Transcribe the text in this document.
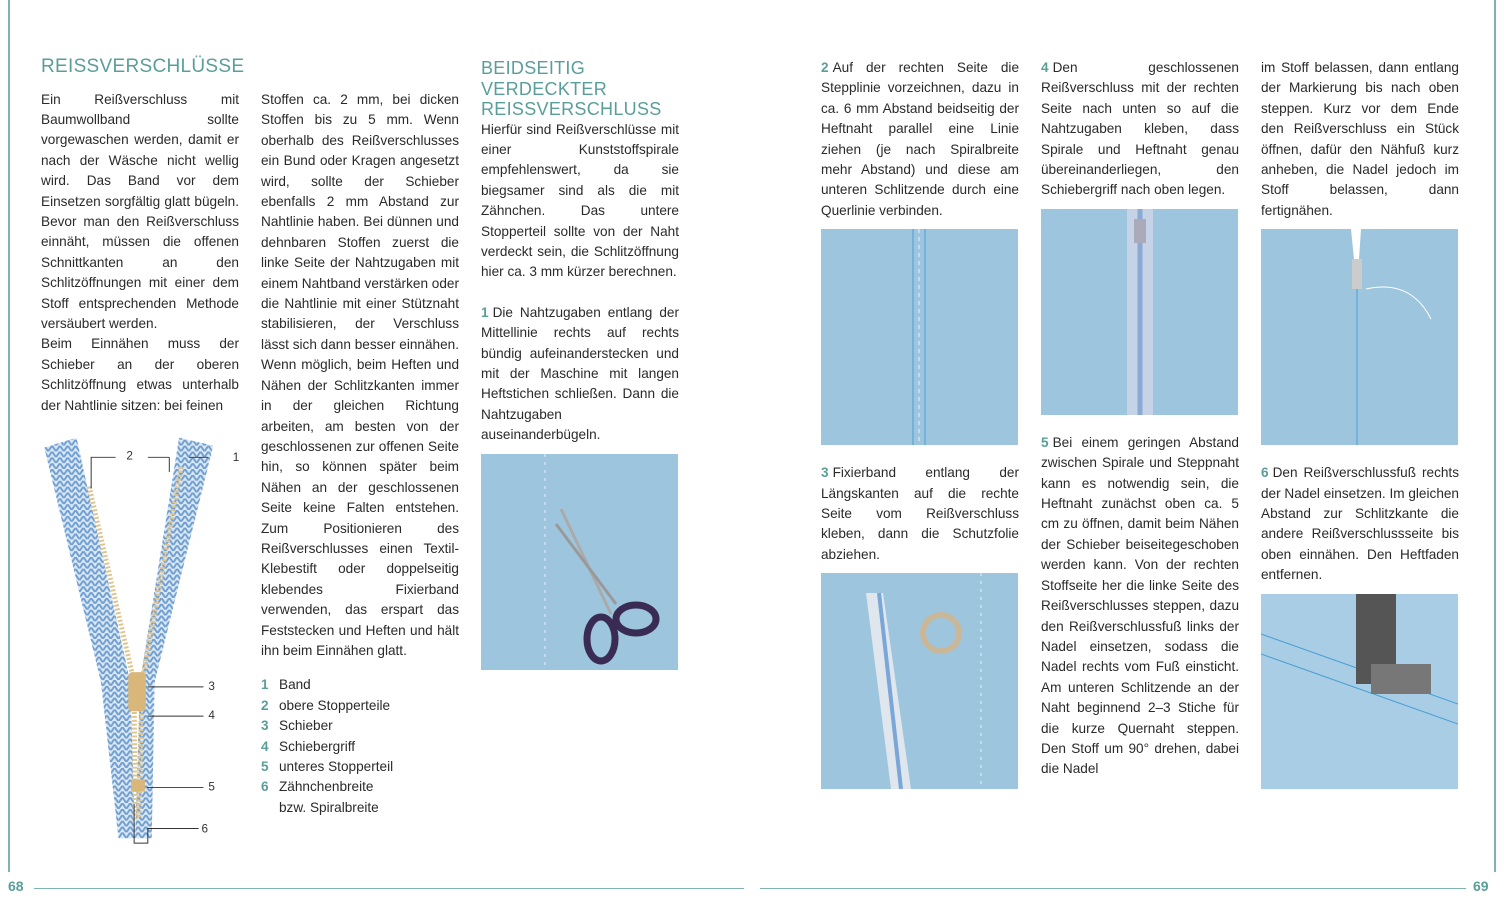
68	69
REISSVERSCHLÜSSE

Ein Reißverschluss mit Baumwollband sollte vorgewaschen werden, damit er nach der Wäsche nicht wellig wird. Das Band vor dem Einsetzen sorgfältig glatt bügeln. Bevor man den Reißverschluss einnäht, müssen die offenen Schnittkanten an den Schlitzöffnungen mit einer dem Stoff entsprechenden Methode versäubert werden.

Beim Einnähen muss der Schieber an der oberen Schlitzöffnung etwas unterhalb der Nahtlinie sitzen: bei feinen

1
2
3
4
5
6

Stoffen ca. 2 mm, bei dicken Stoffen bis zu 5 mm. Wenn oberhalb des Reißverschlusses ein Bund oder Kragen angesetzt wird, sollte der Schieber ebenfalls 2 mm Abstand zur Nahtlinie haben. Bei dünnen und dehnbaren Stoffen zuerst die linke Seite der Nahtzugaben mit einem Nahtband verstärken oder die Nahtlinie mit einer Stütznaht stabilisieren, der Verschluss lässt sich dann besser einnähen.

Wenn möglich, beim Heften und Nähen der Schlitzkanten immer in der gleichen Richtung arbeiten, am besten von der geschlossenen zur offenen Seite hin, so können später beim Nähen an der geschlossenen Seite keine Falten entstehen. Zum Positionieren des Reißverschlusses einen Textil-Klebestift oder doppelseitig klebendes Fixierband verwenden, das erspart das Feststecken und Heften und hält ihn beim Einnähen glatt.

1 Band
2 obere Stopperteile
3 Schieber
4 Schiebergriff
5 unteres Stopperteil
6 Zähnchenbreite
bzw. Spiralbreite
BEIDSEITIG VERDECKTER REISSVERSCHLUSS

Hierfür sind Reißverschlüsse mit einer Kunststoffspirale empfehlenswert, da sie biegsamer sind als die mit Zähnchen. Das untere Stopperteil sollte von der Naht verdeckt sein, die Schlitzöffnung hier ca. 3 mm kürzer berechnen.

1 Die Nahtzugaben entlang der Mittellinie rechts auf rechts bündig aufeinanderstecken und mit der Maschine mit langen Heftstichen schließen. Dann die Nahtzugaben auseinanderbügeln.

2 Auf der rechten Seite die Stepplinie vorzeichnen, dazu in ca. 6 mm Abstand beidseitig der Heftnaht parallel eine Linie ziehen (je nach Spiralbreite mehr Abstand) und diese am unteren Schlitzende durch eine Querlinie verbinden.

3 Fixierband entlang der Längskanten auf die rechte Seite vom Reißverschluss kleben, dann die Schutzfolie abziehen.

4 Den geschlossenen Reißverschluss mit der rechten Seite nach unten so auf die Nahtzugaben kleben, dass Spirale und Heftnaht genau übereinanderliegen, den Schiebergriff nach oben legen.

5 Bei einem geringen Abstand zwischen Spirale und Steppnaht kann es notwendig sein, die Heftnaht zunächst oben ca. 5 cm zu öffnen, damit beim Nähen der Schieber beiseitegeschoben werden kann. Von der rechten Stoffseite her die linke Seite des Reißverschlusses steppen, dazu den Reißverschlussfuß links der Nadel einsetzen, sodass die Nadel rechts vom Fuß einsticht. Am unteren Schlitzende an der Naht beginnend 2–3 Stiche für die kurze Quernaht steppen. Den Stoff um 90° drehen, dabei die Nadel

im Stoff belassen, dann entlang der Markierung bis nach oben steppen. Kurz vor dem Ende den Reißverschluss ein Stück öffnen, dafür den Nähfuß kurz anheben, die Nadel jedoch im Stoff belassen, dann fertignähen.

6 Den Reißverschlussfuß rechts der Nadel einsetzen. Im gleichen Abstand zur Schlitzkante die andere Reißverschlussseite bis oben einnähen. Den Heftfaden entfernen.
